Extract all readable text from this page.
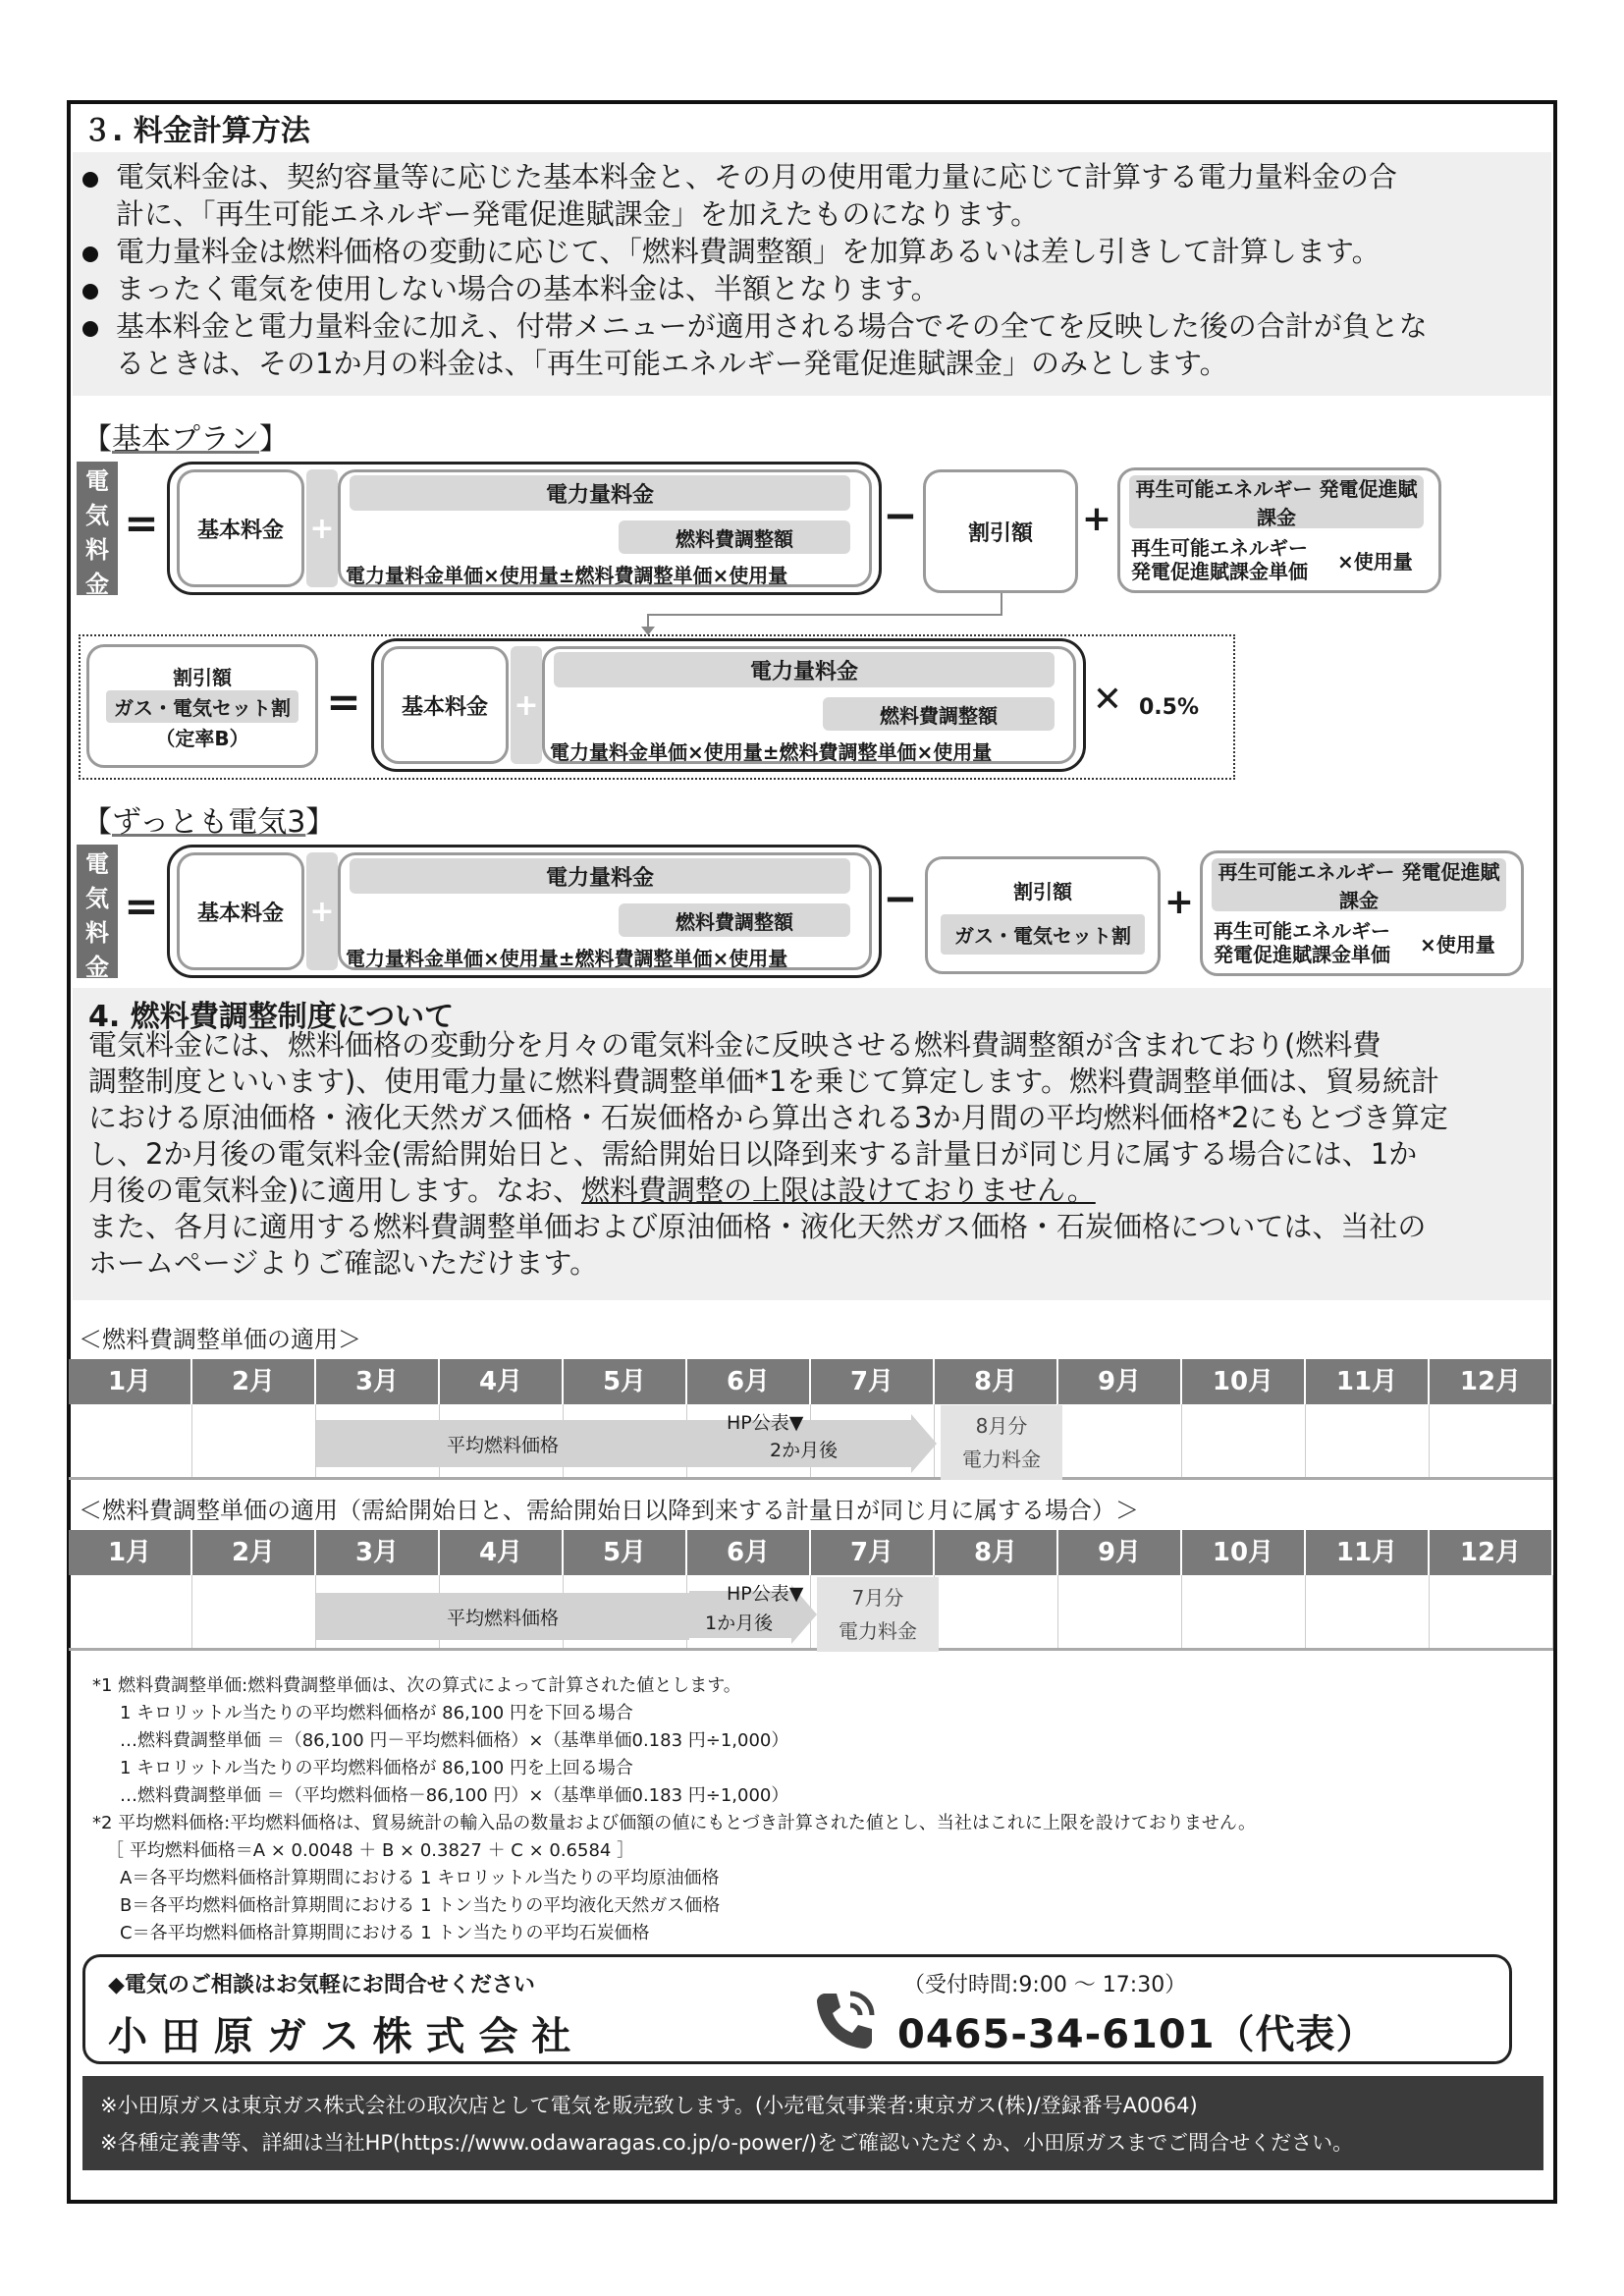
３. 料金計算方法
電気料金は、契約容量等に応じた基本料金と、その月の使用電力量に応じて計算する電力量料金の合
計に、「再生可能エネルギー発電促進賦課金」を加えたものになります。
電力量料金は燃料価格の変動に応じて、「燃料費調整額」を加算あるいは差し引きして計算します。
まったく電気を使用しない場合の基本料金は、半額となります。
基本料金と電力量料金に加え、付帯メニューが適用される場合でその全てを反映した後の合計が負とな
るときは、その1か月の料金は、「再生可能エネルギー発電促進賦課金」のみとします。
【基本プラン】
電
気
料
金
=	基本料金 +
電力量料金
燃料費調整額
電力量料金単価×使用量±燃料費調整単価×使用量
−	割引額	+
再生可能エネルギー 発電促進賦課金
再生可能エネルギー 発電促進賦課金単価	×使用量
割引額
ガス・電気セット割
（定率B）
=	基本料金 +
電力量料金
燃料費調整額
電力量料金単価×使用量±燃料費調整単価×使用量
✕ 0.5%
【ずっとも電気3】
電
気
料
金
=	基本料金 +
電力量料金
燃料費調整額
電力量料金単価×使用量±燃料費調整単価×使用量
−	割引額
ガス・電気セット割
+
再生可能エネルギー 発電促進賦課金
再生可能エネルギー 発電促進賦課金単価	×使用量
4. 燃料費調整制度について
電気料金には、燃料価格の変動分を月々の電気料金に反映させる燃料費調整額が含まれており(燃料費
調整制度といいます)、使用電力量に燃料費調整単価*1を乗じて算定します。燃料費調整単価は、貿易統計
における原油価格・液化天然ガス価格・石炭価格から算出される3か月間の平均燃料価格*2にもとづき算定
し、2か月後の電気料金(需給開始日と、需給開始日以降到来する計量日が同じ月に属する場合には、1か
月後の電気料金)に適用します。なお、燃料費調整の上限は設けておりません。
また、各月に適用する燃料費調整単価および原油価格・液化天然ガス価格・石炭価格については、当社の
ホームページよりご確認いただけます。
＜燃料費調整単価の適用＞
1月	2月	3月	4月	5月	6月	7月	8月	9月	10月	11月	12月
平均燃料価格
HP公表▼
2か月後
8月分
電力料金
＜燃料費調整単価の適用（需給開始日と、需給開始日以降到来する計量日が同じ月に属する場合）＞
1月	2月	3月	4月	5月	6月	7月	8月	9月	10月	11月	12月
平均燃料価格
HP公表▼
1か月後
7月分
電力料金
*1 燃料費調整単価:燃料費調整単価は、次の算式によって計算された値とします。
1 キロリットル当たりの平均燃料価格が 86,100 円を下回る場合
…燃料費調整単価 ＝（86,100 円－平均燃料価格）×（基準単価0.183 円÷1,000）
1 キロリットル当たりの平均燃料価格が 86,100 円を上回る場合
…燃料費調整単価 ＝（平均燃料価格－86,100 円）×（基準単価0.183 円÷1,000）
*2 平均燃料価格:平均燃料価格は、貿易統計の輸入品の数量および価額の値にもとづき計算された値とし、当社はこれに上限を設けておりません。
［ 平均燃料価格＝A × 0.0048 ＋ B × 0.3827 ＋ C × 0.6584 ］
A＝各平均燃料価格計算期間における 1 キロリットル当たりの平均原油価格
B＝各平均燃料価格計算期間における 1 トン当たりの平均液化天然ガス価格
C＝各平均燃料価格計算期間における 1 トン当たりの平均石炭価格
◆電気のご相談はお気軽にお問合せください
小 田 原 ガ ス 株 式 会 社
（受付時間:9:00 〜 17:30）
0465-34-6101（代表）
※小田原ガスは東京ガス株式会社の取次店として電気を販売致します。(小売電気事業者:東京ガス(株)/登録番号A0064)
※各種定義書等、詳細は当社HP(https://www.odawaragas.co.jp/o-power/)をご確認いただくか、小田原ガスまでご問合せください。
